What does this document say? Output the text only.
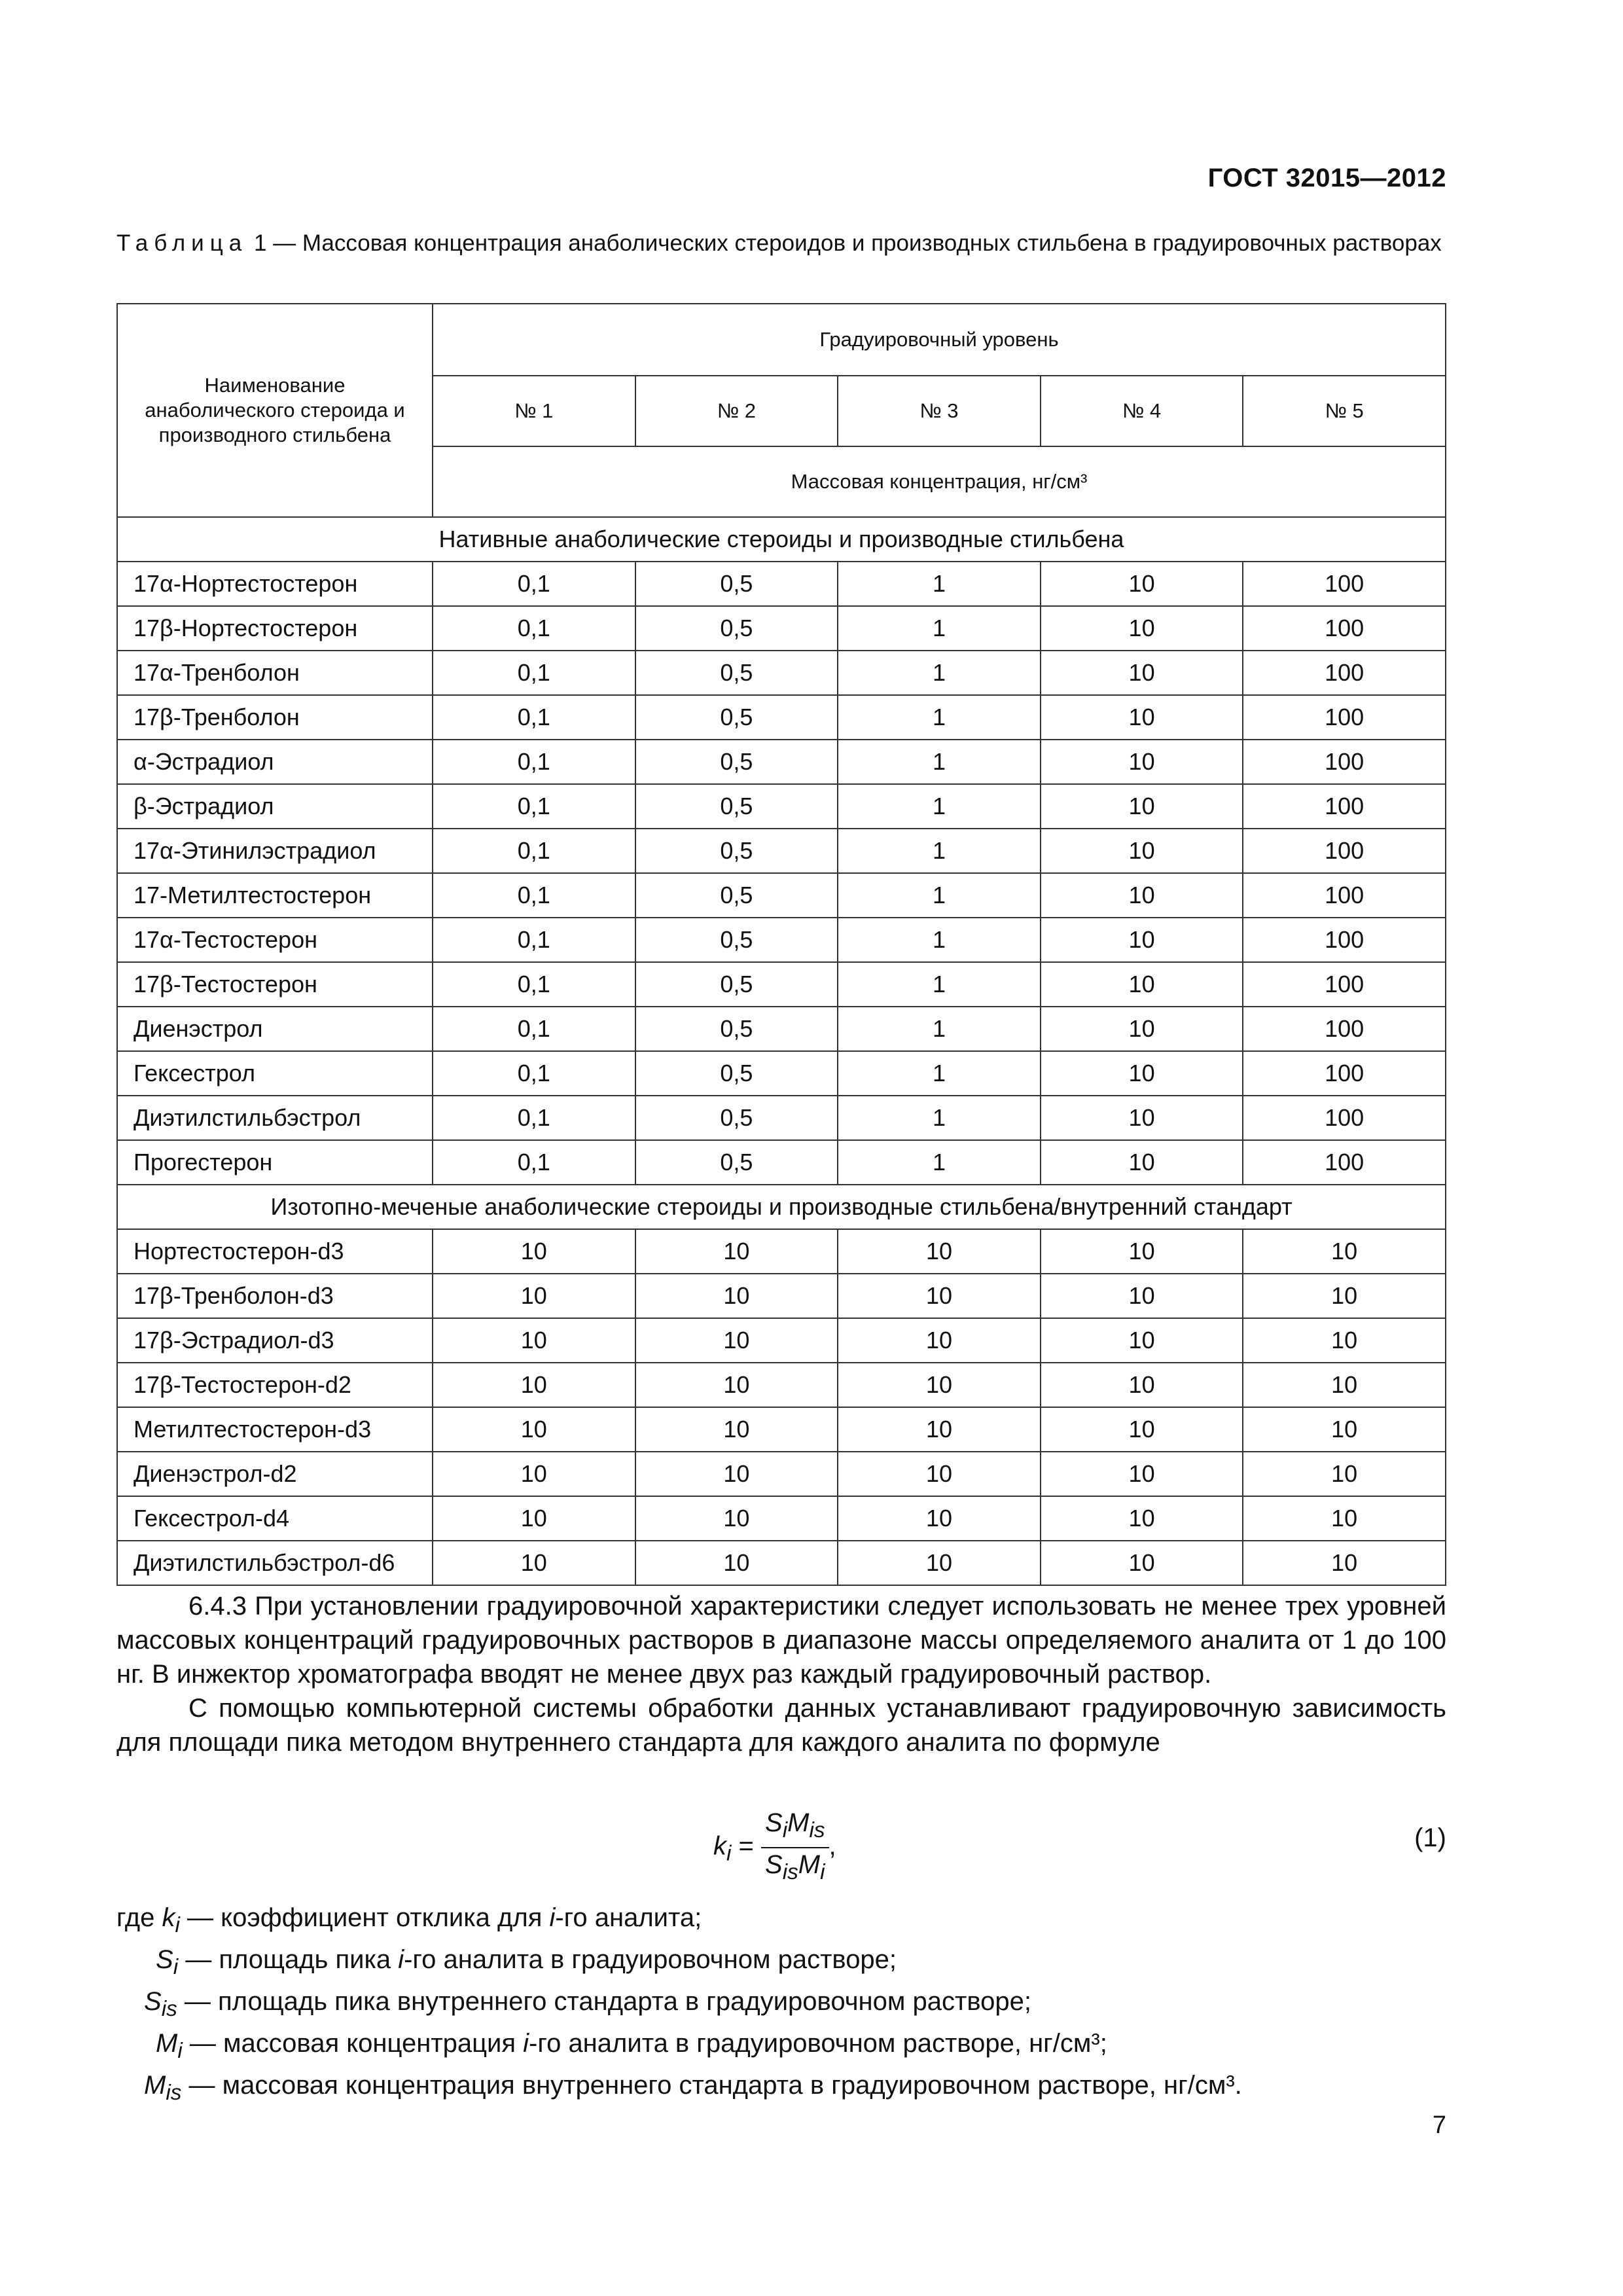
ГОСТ 32015—2012
Таблица 1 — Массовая концентрация анаболических стероидов и производных стильбена в градуировочных растворах
Наименование анаболического стероида и производного стильбена	Градуировочный уровень				
	№ 1	№ 2	№ 3	№ 4	№ 5
	Массовая концентрация, нг/см³				
Нативные анаболические стероиды и производные стильбена					
17α-Нортестостерон	0,1	0,5	1	10	100
17β-Нортестостерон	0,1	0,5	1	10	100
17α-Тренболон	0,1	0,5	1	10	100
17β-Тренболон	0,1	0,5	1	10	100
α-Эстрадиол	0,1	0,5	1	10	100
β-Эстрадиол	0,1	0,5	1	10	100
17α-Этинилэстрадиол	0,1	0,5	1	10	100
17-Метилтестостерон	0,1	0,5	1	10	100
17α-Тестостерон	0,1	0,5	1	10	100
17β-Тестостерон	0,1	0,5	1	10	100
Диенэстрол	0,1	0,5	1	10	100
Гексестрол	0,1	0,5	1	10	100
Диэтилстильбэстрол	0,1	0,5	1	10	100
Прогестерон	0,1	0,5	1	10	100
Изотопно-меченые анаболические стероиды и производные стильбена/внутренний стандарт					
Нортестостерон-d3	10	10	10	10	10
17β-Тренболон-d3	10	10	10	10	10
17β-Эстрадиол-d3	10	10	10	10	10
17β-Тестостерон-d2	10	10	10	10	10
Метилтестостерон-d3	10	10	10	10	10
Диенэстрол-d2	10	10	10	10	10
Гексестрол-d4	10	10	10	10	10
Диэтилстильбэстрол-d6	10	10	10	10	10
6.4.3 При установлении градуировочной характеристики следует использовать не менее трех уровней массовых концентраций градуировочных растворов в диапазоне массы определяемого аналита от 1 до 100 нг. В инжектор хроматографа вводят не менее двух раз каждый градуировочный раствор.
С помощью компьютерной системы обработки данных устанавливают градуировочную зависимость для площади пика методом внутреннего стандарта для каждого аналита по формуле
$k_i = \frac{S_iM_{is}}{S_{is}M_i}$ ,	(1)
где $k_i$ — коэффициент отклика для i-го аналита;
$S_i$ — площадь пика i-го аналита в градуировочном растворе;
$S_{is}$ — площадь пика внутреннего стандарта в градуировочном растворе;
$M_i$ — массовая концентрация i-го аналита в градуировочном растворе, нг/см³;
$M_{is}$ — массовая концентрация внутреннего стандарта в градуировочном растворе, нг/см³.
7
